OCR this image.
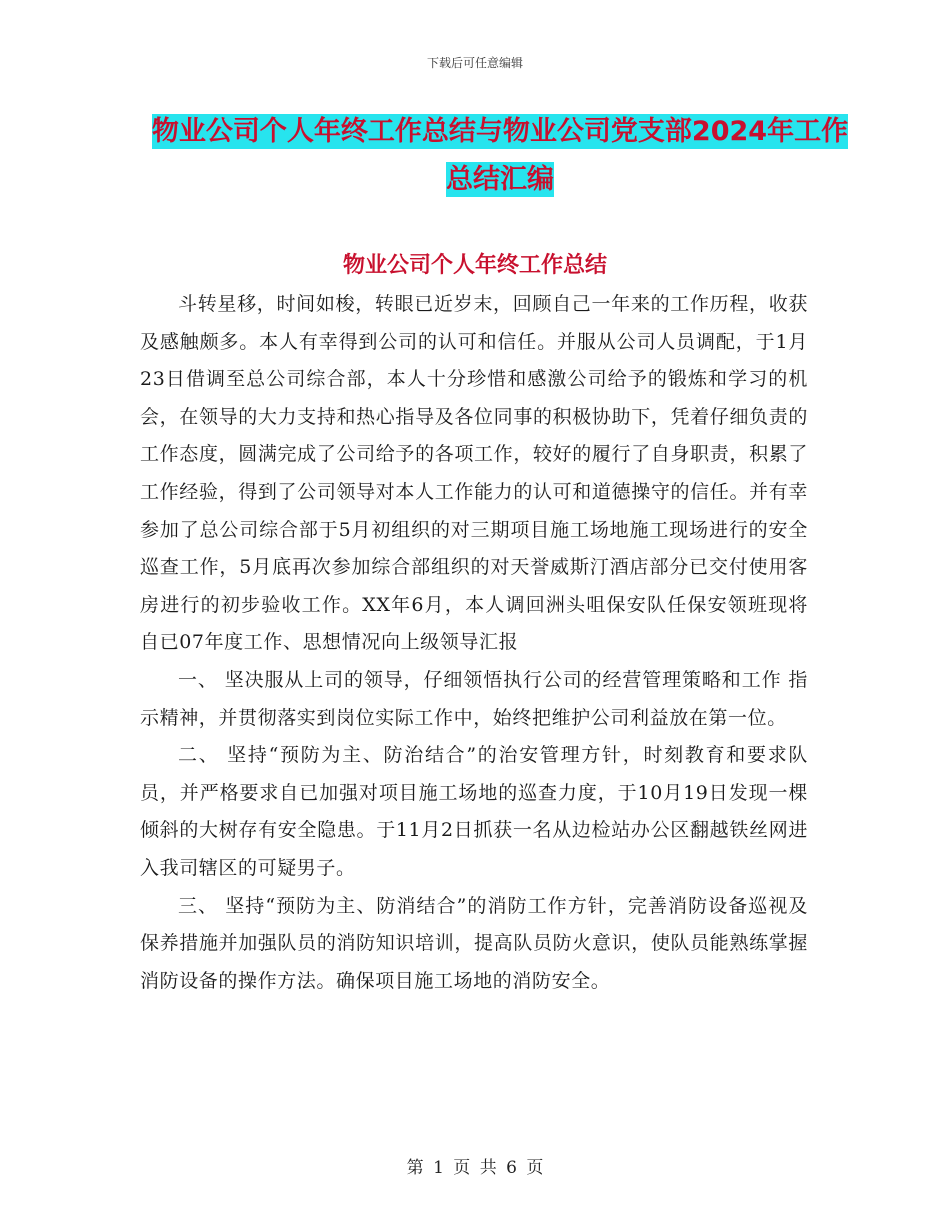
下载后可任意编辑
物业公司个人年终工作总结与物业公司党支部2024年工作总结汇编
物业公司个人年终工作总结

斗转星移，时间如梭，转眼已近岁末，回顾自己一年来的工作历程，收获及感触颇多。本人有幸得到公司的认可和信任。并服从公司人员调配，于1月23日借调至总公司综合部，本人十分珍惜和感激公司给予的锻炼和学习的机会，在领导的大力支持和热心指导及各位同事的积极协助下，凭着仔细负责的工作态度，圆满完成了公司给予的各项工作，较好的履行了自身职责，积累了工作经验，得到了公司领导对本人工作能力的认可和道德操守的信任。并有幸参加了总公司综合部于5月初组织的对三期项目施工场地施工现场进行的安全巡查工作，5月底再次参加综合部组织的对天誉威斯汀酒店部分已交付使用客房进行的初步验收工作。XX年6月，本人调回洲头咀保安队任保安领班现将自已07年度工作、思想情况向上级领导汇报

一、 坚决服从上司的领导，仔细领悟执行公司的经营管理策略和工作 指示精神，并贯彻落实到岗位实际工作中，始终把维护公司利益放在第一位。

二、 坚持“预防为主、防治结合”的治安管理方针，时刻教育和要求队员，并严格要求自已加强对项目施工场地的巡查力度，于10月19日发现一棵倾斜的大树存有安全隐患。于11月2日抓获一名从边检站办公区翻越铁丝网进入我司辖区的可疑男子。

三、 坚持“预防为主、防消结合”的消防工作方针，完善消防设备巡视及保养措施并加强队员的消防知识培训，提高队员防火意识，使队员能熟练掌握消防设备的操作方法。确保项目施工场地的消防安全。

第 1 页 共 6 页
